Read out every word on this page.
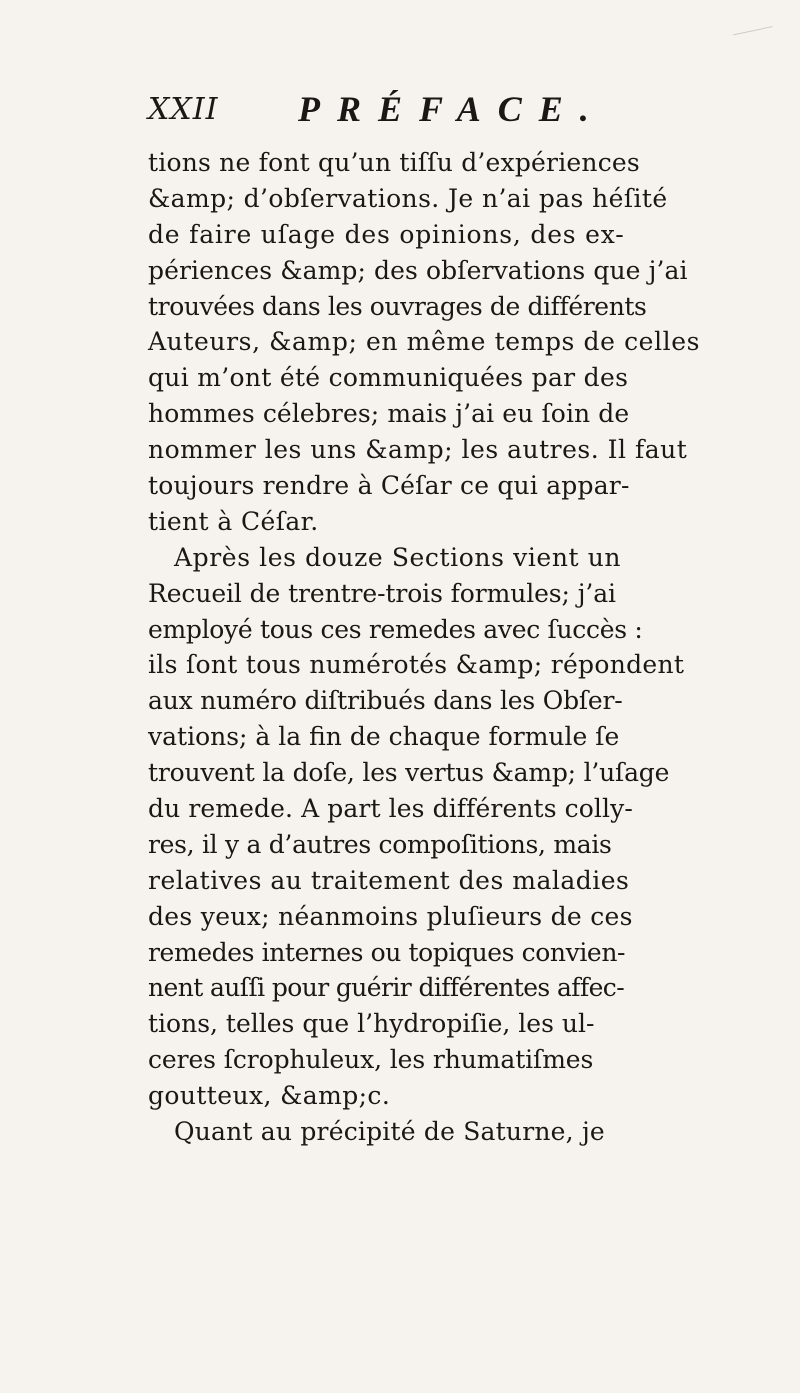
XXII PRÉFACE.
tions ne font qu’un tiſſu d’expériences
&amp; d’obſervations. Je n’ai pas héſité
de faire uſage des opinions, des ex-
périences &amp; des obſervations que j’ai
trouvées dans les ouvrages de différents
Auteurs, &amp; en même temps de celles
qui m’ont été communiquées par des
hommes célebres; mais j’ai eu ſoin de
nommer les uns &amp; les autres. Il faut
toujours rendre à Céſar ce qui appar-
tient à Céſar.
Après les douze Sections vient un
Recueil de trentre-trois formules; j’ai
employé tous ces remedes avec ſuccès :
ils ſont tous numérotés &amp; répondent
aux numéro diſtribués dans les Obſer-
vations; à la fin de chaque formule ſe
trouvent la doſe, les vertus &amp; l’uſage
du remede. A part les différents colly-
res, il y a d’autres compoſitions, mais
relatives au traitement des maladies
des yeux; néanmoins pluſieurs de ces
remedes internes ou topiques convien-
nent auſſi pour guérir différentes affec-
tions, telles que l’hydropiſie, les ul-
ceres ſcrophuleux, les rhumatiſmes
goutteux, &amp;c.
Quant au précipité de Saturne, je
